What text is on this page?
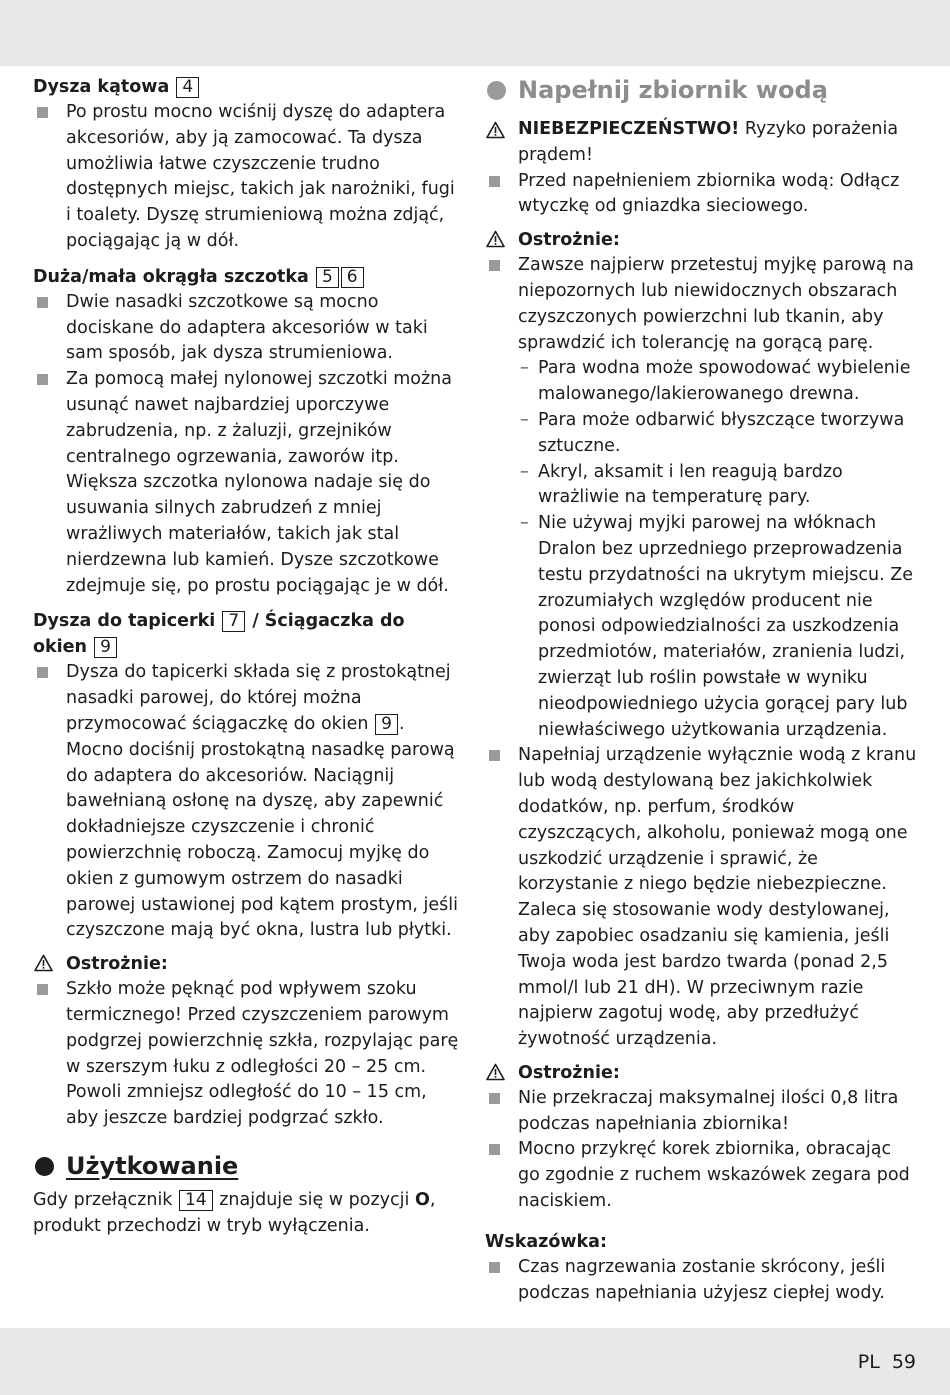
Dysza kątowa 4
Po prostu mocno wciśnij dyszę do adaptera akcesoriów, aby ją zamocować. Ta dysza umożliwia łatwe czyszczenie trudno dostępnych miejsc, takich jak narożniki, fugi i toalety. Dyszę strumieniową można zdjąć, pociągając ją w dół.
Duża/mała okrągła szczotka 5 6
Dwie nasadki szczotkowe są mocno dociskane do adaptera akcesoriów w taki sam sposób, jak dysza strumieniowa.
Za pomocą małej nylonowej szczotki można usunąć nawet najbardziej uporczywe zabrudzenia, np. z żaluzji, grzejników centralnego ogrzewania, zaworów itp. Większa szczotka nylonowa nadaje się do usuwania silnych zabrudzeń z mniej wrażliwych materiałów, takich jak stal nierdzewna lub kamień. Dysze szczotkowe zdejmuje się, po prostu pociągając je w dół.
Dysza do tapicerki 7 / Ściągaczka do okien 9
Dysza do tapicerki składa się z prostokątnej nasadki parowej, do której można przymocować ściągaczkę do okien 9 . Mocno dociśnij prostokątną nasadkę parową do adaptera do akcesoriów. Naciągnij bawełnianą osłonę na dyszę, aby zapewnić dokładniejsze czyszczenie i chronić powierzchnię roboczą. Zamocuj myjkę do okien z gumowym ostrzem do nasadki parowej ustawionej pod kątem prostym, jeśli czyszczone mają być okna, lustra lub płytki.
Ostrożnie:
Szkło może pęknąć pod wpływem szoku termicznego! Przed czyszczeniem parowym podgrzej powierzchnię szkła, rozpylając parę w szerszym łuku z odległości 20 – 25 cm. Powoli zmniejsz odległość do 10 – 15 cm, aby jeszcze bardziej podgrzać szkło.
Użytkowanie

Gdy przełącznik 14 znajduje się w pozycji O, produkt przechodzi w tryb wyłączenia.

Napełnij zbiornik wodą

NIEBEZPIECZEŃSTWO! Ryzyko porażenia prądem!

Przed napełnieniem zbiornika wodą: Odłącz wtyczkę od gniazdka sieciowego.
Ostrożnie:
Zawsze najpierw przetestuj myjkę parową na niepozornych lub niewidocznych obszarach czyszczonych powierzchni lub tkanin, aby sprawdzić ich tolerancję na gorącą parę.
– Para wodna może spowodować wybielenie malowanego/lakierowanego drewna.
– Para może odbarwić błyszczące tworzywa sztuczne.
– Akryl, aksamit i len reagują bardzo wrażliwie na temperaturę pary.
– Nie używaj myjki parowej na włóknach Dralon bez uprzedniego przeprowadzenia testu przydatności na ukrytym miejscu. Ze zrozumiałych względów producent nie ponosi odpowiedzialności za uszkodzenia przedmiotów, materiałów, zranienia ludzi, zwierząt lub roślin powstałe w wyniku nieodpowiedniego użycia gorącej pary lub niewłaściwego użytkowania urządzenia.
Napełniaj urządzenie wyłącznie wodą z kranu lub wodą destylowaną bez jakichkolwiek dodatków, np. perfum, środków czyszczących, alkoholu, ponieważ mogą one uszkodzić urządzenie i sprawić, że korzystanie z niego będzie niebezpieczne. Zaleca się stosowanie wody destylowanej, aby zapobiec osadzaniu się kamienia, jeśli Twoja woda jest bardzo twarda (ponad 2,5 mmol/l lub 21 dH). W przeciwnym razie najpierw zagotuj wodę, aby przedłużyć żywotność urządzenia.
Ostrożnie:
Nie przekraczaj maksymalnej ilości 0,8 litra podczas napełniania zbiornika!
Mocno przykręć korek zbiornika, obracając go zgodnie z ruchem wskazówek zegara pod naciskiem.
Wskazówka:
Czas nagrzewania zostanie skrócony, jeśli podczas napełniania użyjesz ciepłej wody.
PL 59
